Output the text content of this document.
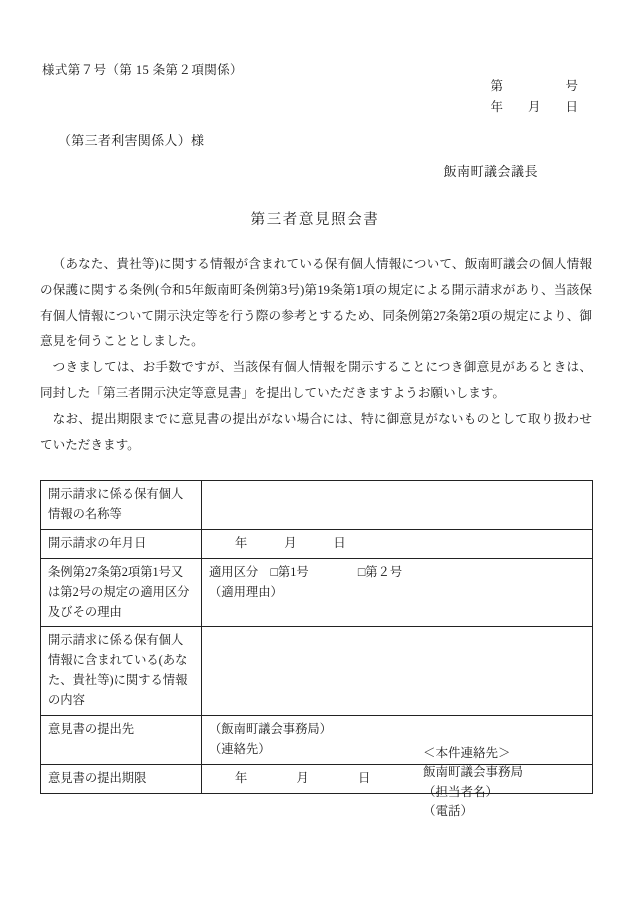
様式第７号（第 15 条第２項関係）
第　　　　　号
年　　月　　日
（第三者利害関係人）様
飯南町議会議長
第三者意見照会書

（あなた、貴社等)に関する情報が含まれている保有個人情報について、飯南町議会の個人情報の保護に関する条例(令和5年飯南町条例第3号)第19条第1項の規定による開示請求があり、当該保有個人情報について開示決定等を行う際の参考とするため、同条例第27条第2項の規定により、御意見を伺うこととしました。

つきましては、お手数ですが、当該保有個人情報を開示することにつき御意見があるときは、同封した「第三者開示決定等意見書」を提出していただきますようお願いします。

なお、提出期限までに意見書の提出がない場合には、特に御意見がないものとして取り扱わせていただきます。

開示請求に係る保有個人情報の名称等	
開示請求の年月日	年　　　月　　　日
条例第27条第2項第1号又は第2号の規定の適用区分及びその理由	適用区分　□第1号　　　　□第２号
（適用理由）

開示請求に係る保有個人情報に含まれている(あなた、貴社等)に関する情報の内容	
意見書の提出先	（飯南町議会事務局）
（連絡先）

意見書の提出期限	年　　　　月　　　　日
＜本件連絡先＞
飯南町議会事務局
（担当者名）
（電話）
